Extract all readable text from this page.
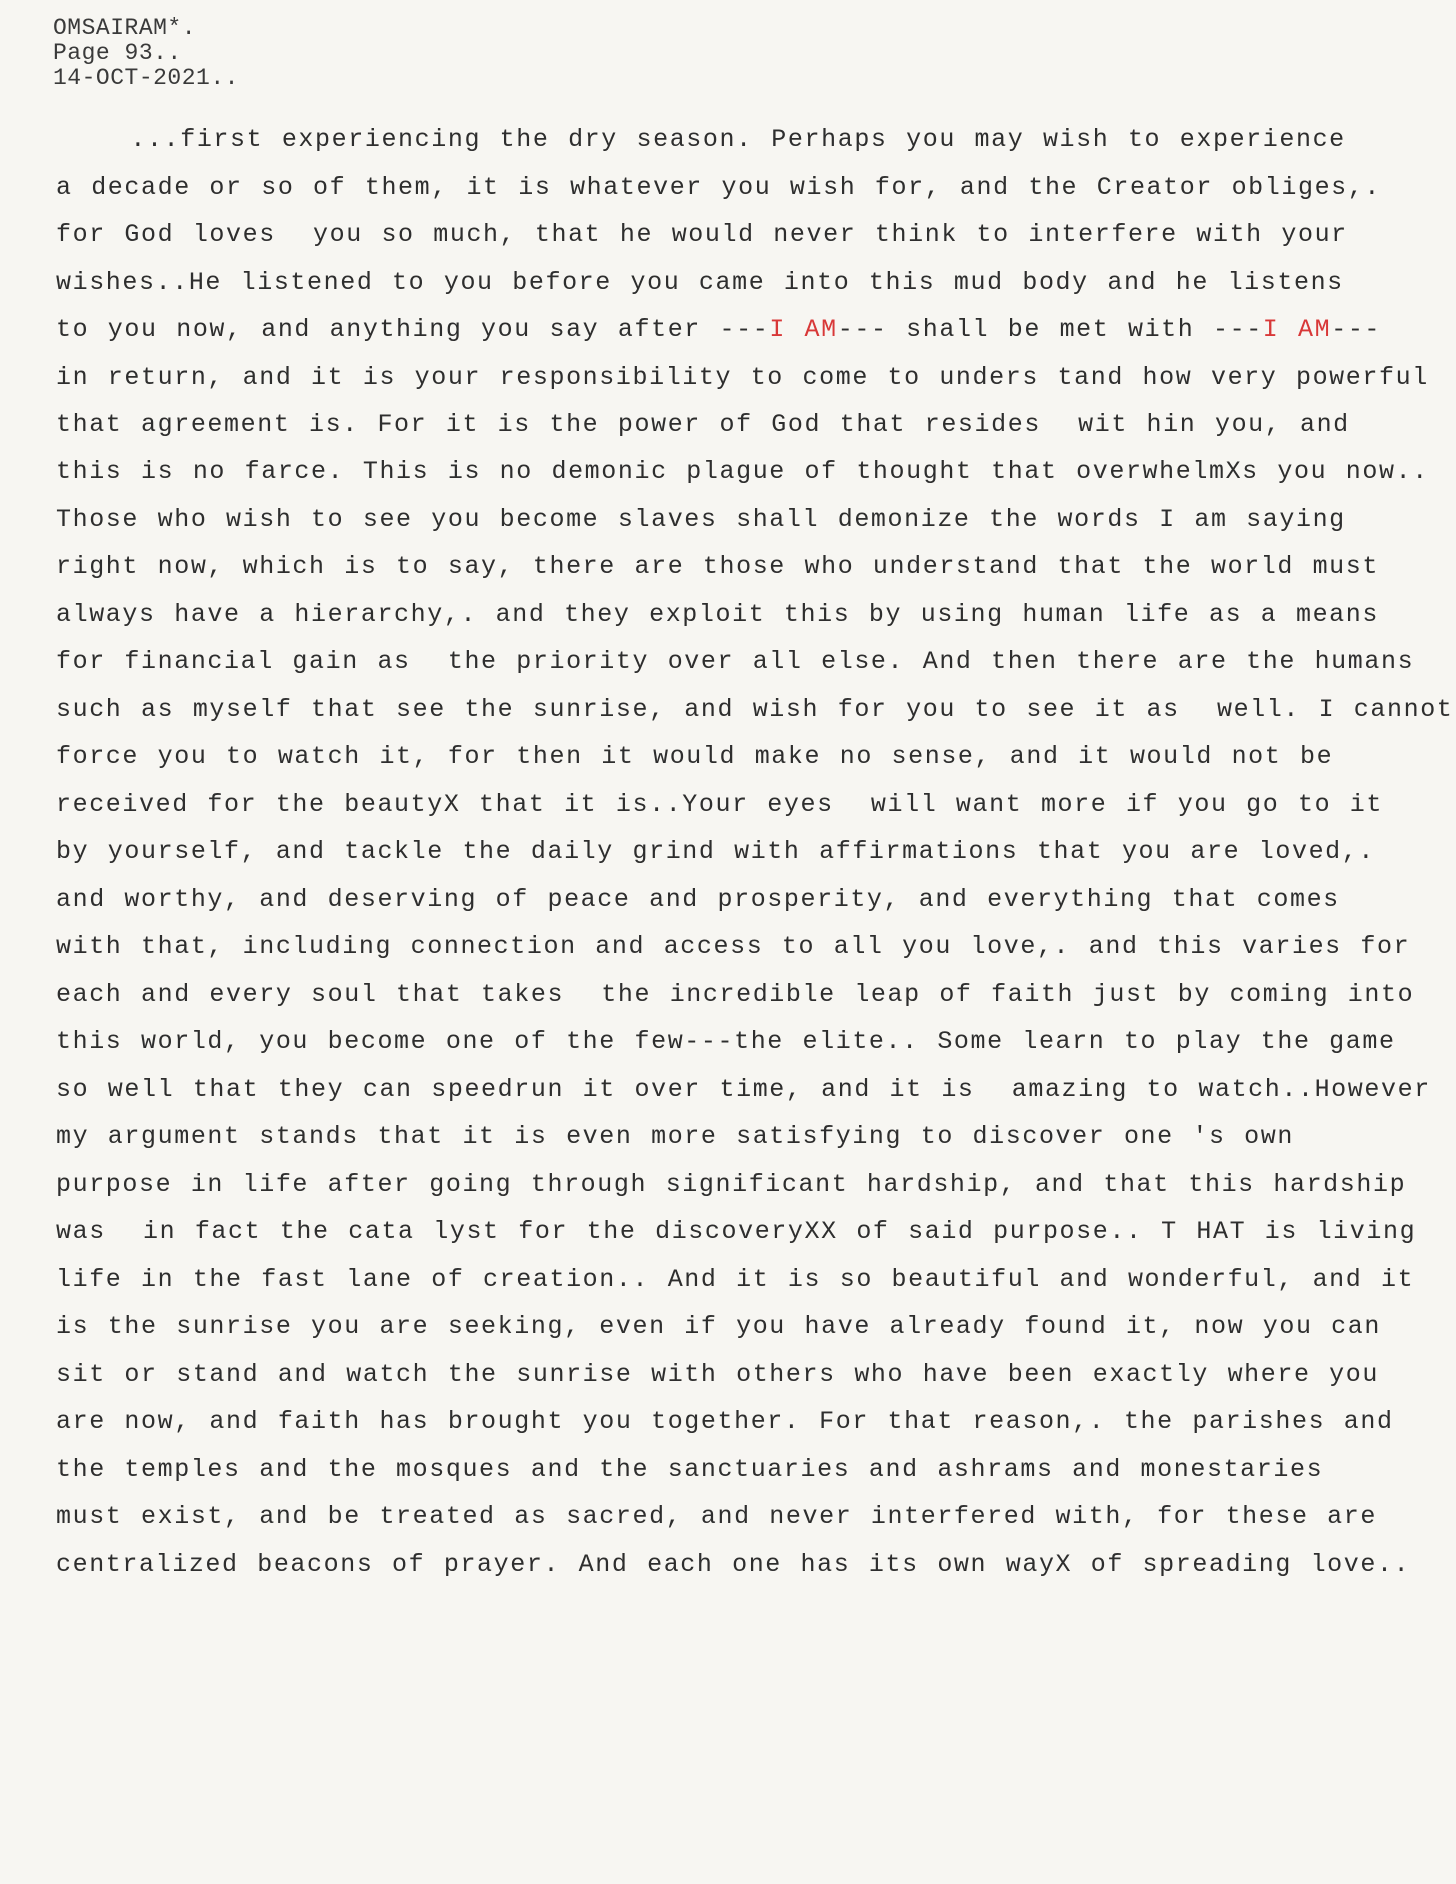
OMSAIRAM*.
Page 93..
14-OCT-2021..
...first experiencing the dry season. Perhaps you may wish to experience
a decade or so of them, it is whatever you wish for, and the Creator obliges,.
for God loves  you so much, that he would never think to interfere with your
wishes..He listened to you before you came into this mud body and he listens
to you now, and anything you say after ---I AM--- shall be met with ---I AM---
in return, and it is your responsibility to come to unders tand how very powerful
that agreement is. For it is the power of God that resides  wit hin you, and
this is no farce. This is no demonic plague of thought that overwhelmXs you now..
Those who wish to see you become slaves shall demonize the words I am saying
right now, which is to say, there are those who understand that the world must
always have a hierarchy,. and they exploit this by using human life as a means
for financial gain as  the priority over all else. And then there are the humans
such as myself that see the sunrise, and wish for you to see it as  well. I cannot
force you to watch it, for then it would make no sense, and it would not be
received for the beautyX that it is..Your eyes  will want more if you go to it
by yourself, and tackle the daily grind with affirmations that you are loved,.
and worthy, and deserving of peace and prosperity, and everything that comes
with that, including connection and access to all you love,. and this varies for
each and every soul that takes  the incredible leap of faith just by coming into
this world, you become one of the few---the elite.. Some learn to play the game
so well that they can speedrun it over time, and it is  amazing to watch..However
my argument stands that it is even more satisfying to discover one 's own
purpose in life after going through significant hardship, and that this hardship
was  in fact the cata lyst for the discoveryXX of said purpose.. T HAT is living
life in the fast lane of creation.. And it is so beautiful and wonderful, and it
is the sunrise you are seeking, even if you have already found it, now you can
sit or stand and watch the sunrise with others who have been exactly where you
are now, and faith has brought you together. For that reason,. the parishes and
the temples and the mosques and the sanctuaries and ashrams and monestaries
must exist, and be treated as sacred, and never interfered with, for these are
centralized beacons of prayer. And each one has its own wayX of spreading love..
